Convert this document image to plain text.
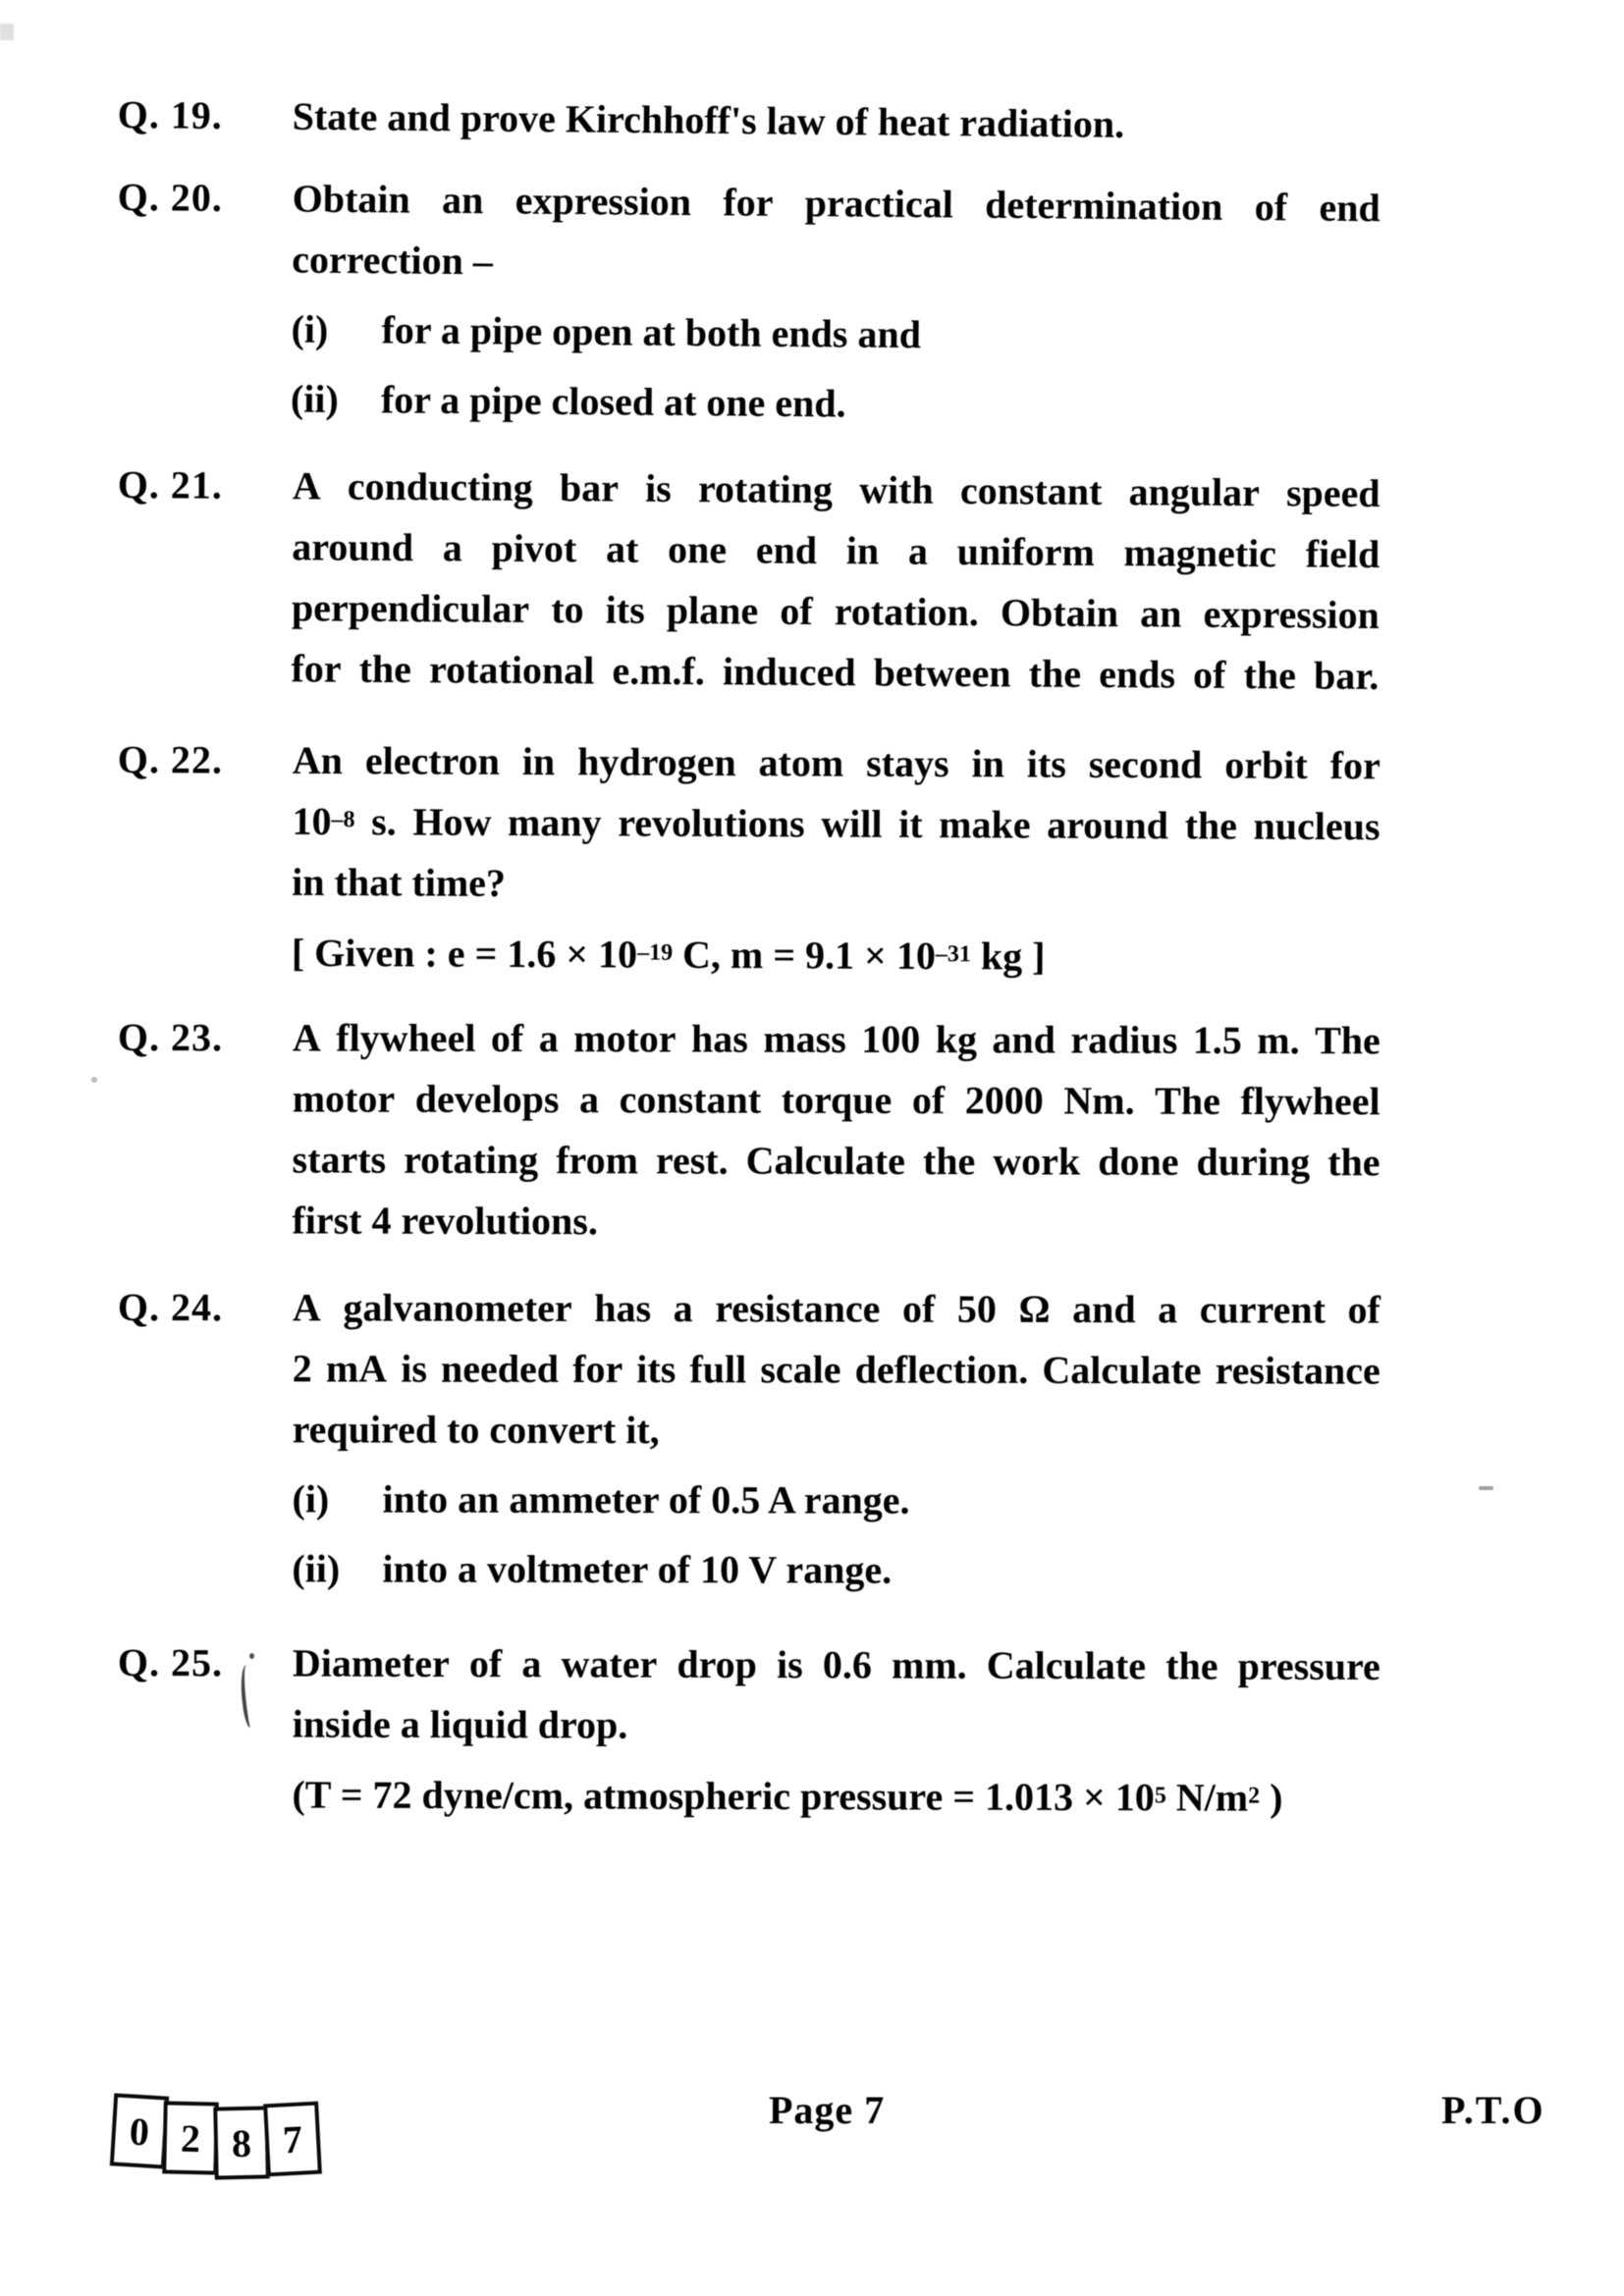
Q. 19. State and prove Kirchhoff's law of heat radiation.
Q. 20. Obtain an expression for practical determination of end
correction –
(i) for a pipe open at both ends and
(ii) for a pipe closed at one end.
Q. 21. A conducting bar is rotating with constant angular speed
around a pivot at one end in a uniform magnetic field
perpendicular to its plane of rotation. Obtain an expression
for the rotational e.m.f. induced between the ends of the bar.
Q. 22. An electron in hydrogen atom stays in its second orbit for
$10^{-8}$ s. How many revolutions will it make around the nucleus
in that time?
[ Given : $e = 1.6 \times 10^{-19}$ C, $m = 9.1 \times 10^{-31}$ kg ]
Q. 23. A flywheel of a motor has mass 100 kg and radius 1.5 m. The
motor develops a constant torque of 2000 Nm. The flywheel
starts rotating from rest. Calculate the work done during the
first 4 revolutions.
Q. 24. A galvanometer has a resistance of 50 Ω and a current of
2 mA is needed for its full scale deflection. Calculate resistance
required to convert it,
(i) into an ammeter of 0.5 A range.
(ii) into a voltmeter of 10 V range.
Q. 25. Diameter of a water drop is 0.6 mm. Calculate the pressure
inside a liquid drop.
(T = 72 dyne/cm, atmospheric pressure = $1.013 \times 10^5$ $N/m^2$ )
0 2 8 7
Page 7	P.T.O
